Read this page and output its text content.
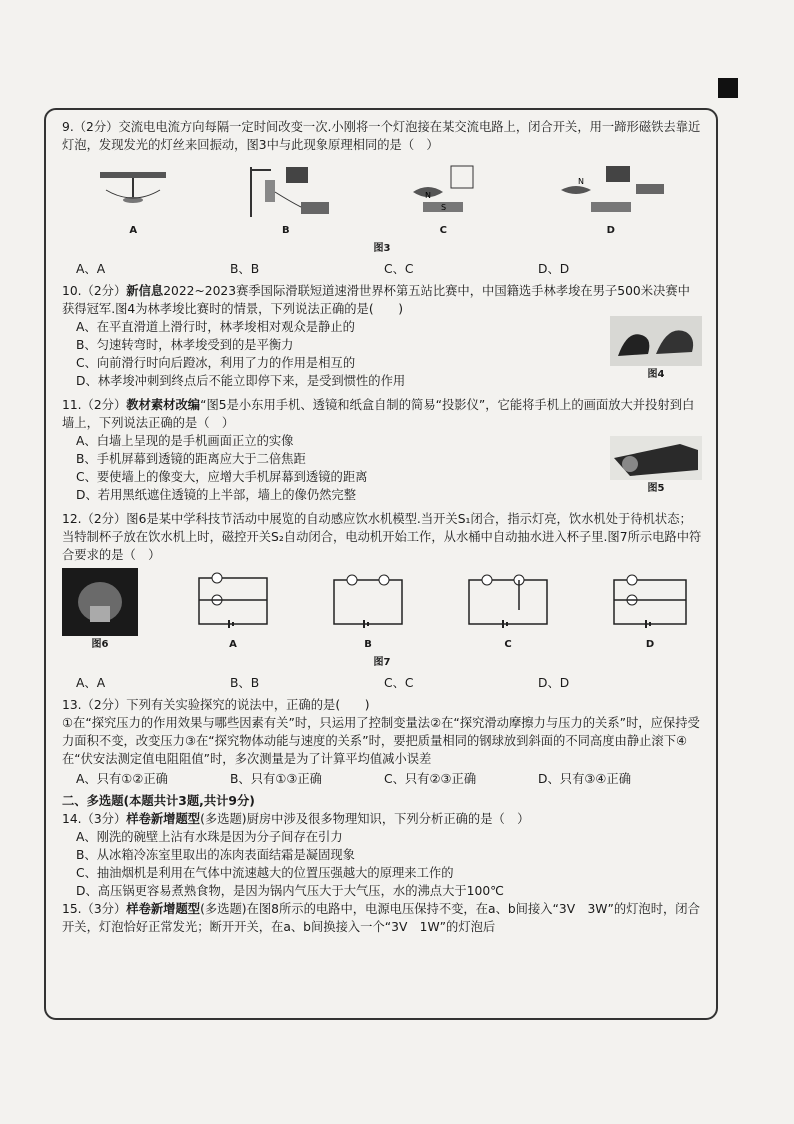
9.（2分）交流电电流方向每隔一定时间改变一次.小刚将一个灯泡接在某交流电路上，闭合开关，用一蹄形磁铁去靠近灯泡，发现发光的灯丝来回振动，图3中与此现象原理相同的是（　）

A	B
N
S
C
N
D
图3
A、A	B、B	C、C	D、D

10.（2分）新信息2022~2023赛季国际滑联短道速滑世界杯第五站比赛中，中国籍选手林孝埈在男子500米决赛中获得冠军.图4为林孝埈比赛时的情景，下列说法正确的是(　　)

A、在平直滑道上滑行时，林孝埈相对观众是静止的
B、匀速转弯时，林孝埈受到的是平衡力
C、向前滑行时向后蹬冰，利用了力的作用是相互的
D、林孝埈冲刺到终点后不能立即停下来，是受到惯性的作用	图4

11.（2分）教材素材改编“图5是小东用手机、透镜和纸盒自制的简易“投影仪”，它能将手机上的画面放大并投射到白墙上，下列说法正确的是（　）

A、白墙上呈现的是手机画面正立的实像
B、手机屏幕到透镜的距离应大于二倍焦距
C、要使墙上的像变大，应增大手机屏幕到透镜的距离
D、若用黑纸遮住透镜的上半部，墙上的像仍然完整	图5

12.（2分）图6是某中学科技节活动中展览的自动感应饮水机模型.当开关S₁闭合，指示灯亮，饮水机处于待机状态；当特制杯子放在饮水机上时，磁控开关S₂自动闭合，电动机开始工作，从水桶中自动抽水进入杯子里.图7所示电路中符合要求的是（　）

图6	A	B	C	D
图7
A、A	B、B	C、C	D、D

13.（2分）下列有关实验探究的说法中，正确的是(　　)

①在“探究压力的作用效果与哪些因素有关”时，只运用了控制变量法②在“探究滑动摩擦力与压力的关系”时，应保持受力面积不变，改变压力③在“探究物体动能与速度的关系”时，要把质量相同的钢球放到斜面的不同高度由静止滚下④在“伏安法测定值电阻阻值”时，多次测量是为了计算平均值减小误差

A、只有①②正确	B、只有①③正确	C、只有②③正确	D、只有③④正确
二、多选题(本题共计3题,共计9分)

14.（3分）样卷新增题型(多选题)厨房中涉及很多物理知识，下列分析正确的是（　）

A、刚洗的碗壁上沾有水珠是因为分子间存在引力
B、从冰箱冷冻室里取出的冻肉表面结霜是凝固现象
C、抽油烟机是利用在气体中流速越大的位置压强越大的原理来工作的
D、高压锅更容易煮熟食物，是因为锅内气压大于大气压，水的沸点大于100℃

15.（3分）样卷新增题型(多选题)在图8所示的电路中，电源电压保持不变，在a、b间接入“3V　3W”的灯泡时，闭合开关，灯泡恰好正常发光；断开开关，在a、b间换接入一个“3V　1W”的灯泡后
